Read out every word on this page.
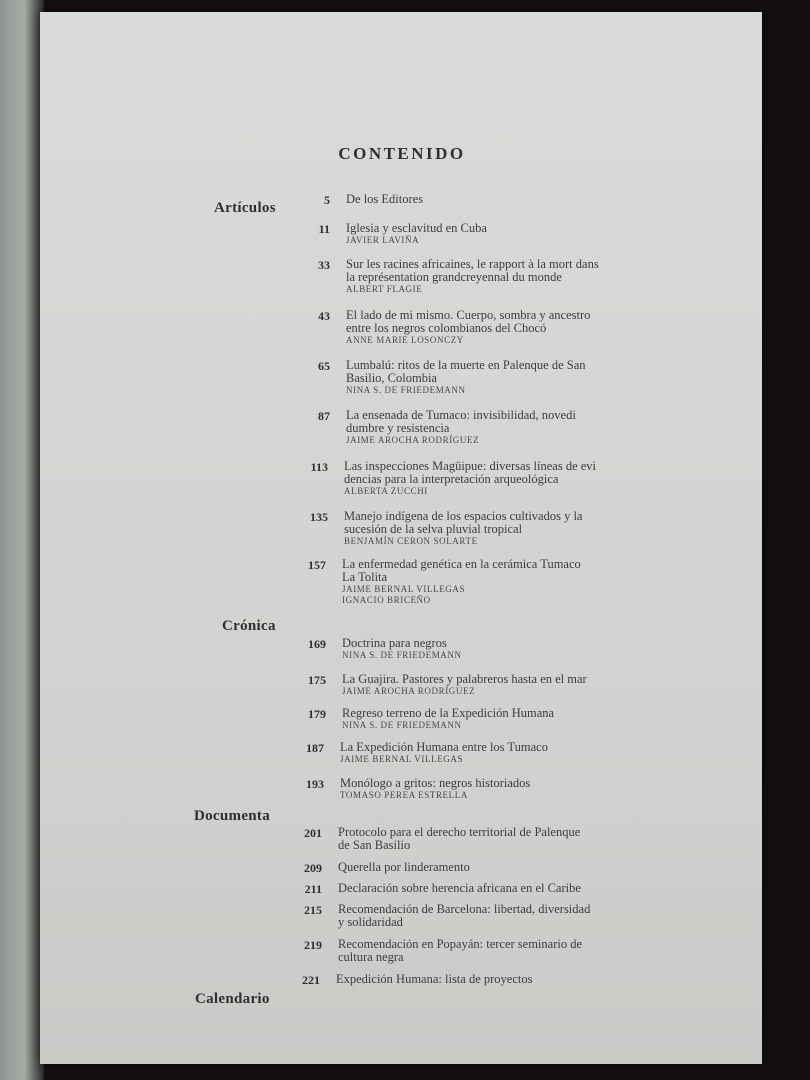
CONTENIDO
Artículos
Crónica
Documenta
Calendario
5 De los Editores
11 Iglesia y esclavitud en Cuba
JAVIER LAVIÑA
33 Sur les racines africaines, le rapport à la mort dans
la représentation grandcreyennal du monde
ALBERT FLAGIE
43 El lado de mi mismo. Cuerpo, sombra y ancestro
entre los negros colombianos del Chocó
ANNE MARIE LOSONCZY
65 Lumbalú: ritos de la muerte en Palenque de San
Basilio, Colombia
NINA S. DE FRIEDEMANN
87 La ensenada de Tumaco: invisibilidad, novedi
dumbre y resistencia
JAIME AROCHA RODRÍGUEZ
113 Las inspecciones Magüipue: diversas líneas de evi
dencias para la interpretación arqueológica
ALBERTA ZUCCHI
135 Manejo indígena de los espacios cultivados y la
sucesión de la selva pluvial tropical
BENJAMÍN CERON SOLARTE
157 La enfermedad genética en la cerámica Tumaco
La Tolita
JAIME BERNAL VILLEGAS
IGNACIO BRICEÑO
169 Doctrina para negros
NINA S. DE FRIEDEMANN
175 La Guajira. Pastores y palabreros hasta en el mar
JAIME AROCHA RODRÍGUEZ
179 Regreso terreno de la Expedición Humana
NINA S. DE FRIEDEMANN
187 La Expedición Humana entre los Tumaco
JAIME BERNAL VILLEGAS
193 Monólogo a gritos: negros historiados
TOMASO PEREA ESTRELLA
201 Protocolo para el derecho territorial de Palenque
de San Basilio
209 Querella por linderamento
211 Declaración sobre herencia africana en el Caribe
215 Recomendación de Barcelona: libertad, diversidad
y solidaridad
219 Recomendación en Popayán: tercer seminario de
cultura negra
221 Expedición Humana: lista de proyectos
